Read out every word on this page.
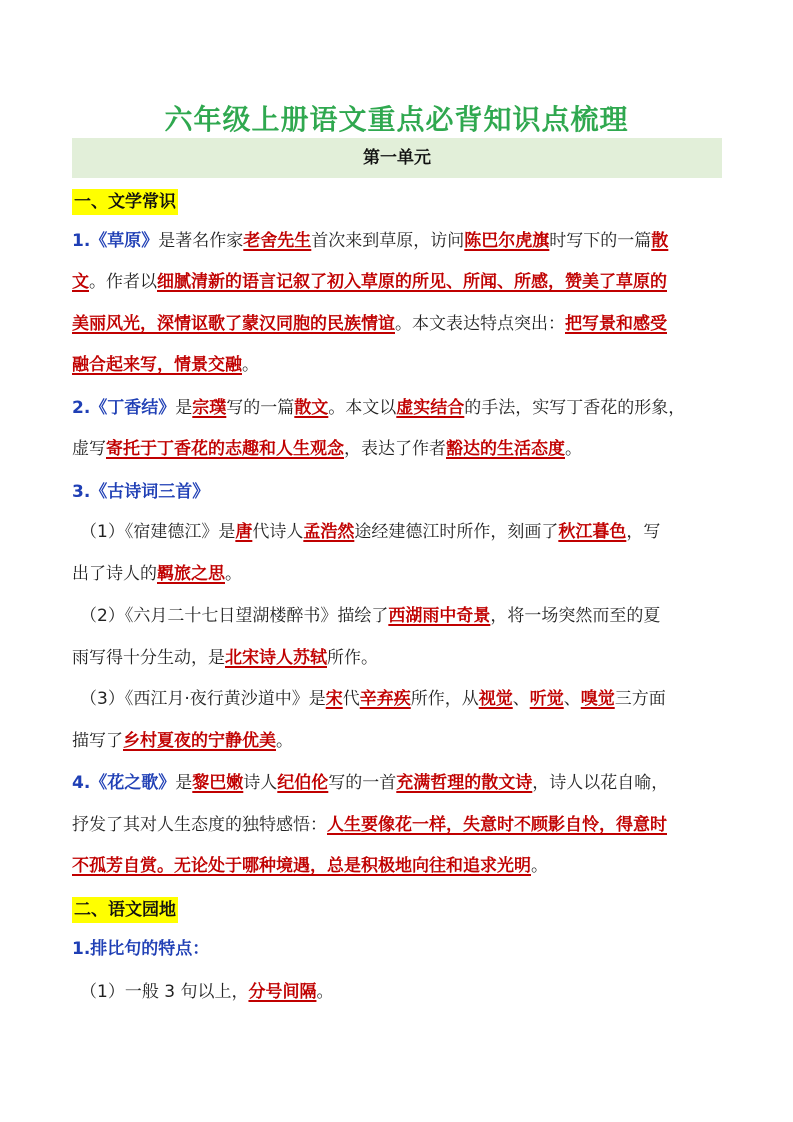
六年级上册语文重点必背知识点梳理
第一单元
一、文学常识
二、语文园地
1.《草原》是著名作家老舍先生首次来到草原，访问陈巴尔虎旗时写下的一篇散
文。作者以细腻清新的语言记叙了初入草原的所见、所闻、所感，赞美了草原的
美丽风光，深情讴歌了蒙汉同胞的民族情谊。本文表达特点突出：把写景和感受
融合起来写，情景交融。
2.《丁香结》是宗璞写的一篇散文。本文以虚实结合的手法，实写丁香花的形象，
虚写寄托于丁香花的志趣和人生观念，表达了作者豁达的生活态度。
3.《古诗词三首》
（1）《宿建德江》是唐代诗人孟浩然途经建德江时所作，刻画了秋江暮色，写
出了诗人的羁旅之思。
（2）《六月二十七日望湖楼醉书》描绘了西湖雨中奇景，将一场突然而至的夏
雨写得十分生动，是北宋诗人苏轼所作。
（3）《西江月·夜行黄沙道中》是宋代辛弃疾所作，从视觉、听觉、嗅觉三方面
描写了乡村夏夜的宁静优美。
4.《花之歌》是黎巴嫩诗人纪伯伦写的一首充满哲理的散文诗，诗人以花自喻，
抒发了其对人生态度的独特感悟：人生要像花一样，失意时不顾影自怜，得意时
不孤芳自赏。无论处于哪种境遇，总是积极地向往和追求光明。
1.排比句的特点：
（1）一般 3 句以上，分号间隔。
